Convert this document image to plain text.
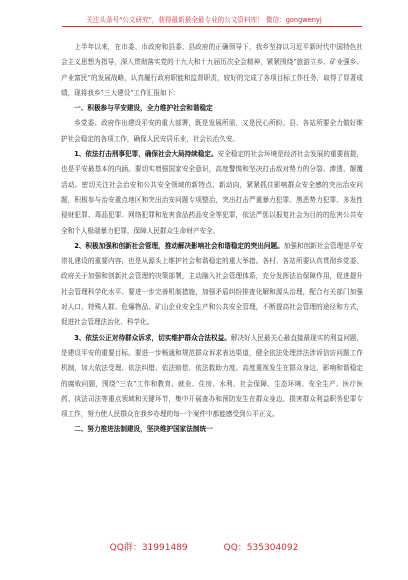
关注头条号"公文研究"，获得最新最全最专业的公文资料库！ 微信：gongwenyj

上半年以来，在市委、市政府和县委、县政府的正确领导下，我乡坚持以习近平新时代中国特色社会主义思想为指导，深入贯彻落实党的十九大和十九届历次全会精神，紧紧围绕“旅游立乡、矿业强乡、产业富民”的发展战略，认真履行政府职能和监督职责，较好的完成了各项目标工作任务，取得了显著成绩，现将我乡“三大建设”工作汇报如下：

一、积极参与平安建设，全力维护社会和谐稳定

乡党委、政府作出建设平安的重大部署，既是发展所需，又是民心所盼。县、各站所要全力做好维护社会稳定的各项工作，确保人民安居乐业，社会长治久安。

1、依法打击刑事犯罪，确保社会大局持续稳定。安全稳定的社会环境是经济社会发展的重要前提，也是平安最基本的内涵。要切实增强国家安全意识，高度警惕和坚决打击敌对势力的分裂、渗透、颠覆活动。密切关注社会治安和公共安全领域的新特点、新动向，紧紧抓住影响群众安全感的突出治安问题，积极参与治安重点地区和突出治安问题专项整治，突出打击严重暴力犯罪、黑恶势力犯罪、多发性侵财犯罪、毒品犯罪、网络犯罪和危害食品药品安全等犯罪，依法严惩以报复社会为目的的危害公共安全和个人极端暴力犯罪，保障人民群众生命财产安全。

2、积极加强和创新社会管理，推动解决影响社会和谐稳定的突出问题。加强和创新社会管理是平安崇礼建设的重要内容，也是从源头上维护社会和谐稳定的重大举措。各村、各站所要认真贯彻乡党委、政府关于加强和创新社会管理的决策部署，主动融入社会管理体系，充分发挥法治保障作用，促进提升社会管理科学化水平。要进一步完善机制措施，加强矛盾纠纷排查化解和源头治理，配合有关部门加强对人口、特殊人群、危爆物品、矿山企业安全生产和公共安全管理，不断提高社会管理的途径和方式，促进社会管理法治化、科学化。

3、依法公正对待群众诉求，切实维护群众合法权益。解决好人民最关心最直接最现实的利益问题，是建设平安的重要目标。要进一步畅通和规范群众诉求表达渠道，健全依法处理涉法涉诉信访问题工作机制，加大依法受理、依法纠错、依法赔偿、依法救助力度。高度重视发生在群众身边、影响和谐稳定的腐败问题，围绕“三农”工作和教育、就业、住房、水利、社会保障、生态环境、安全生产、医疗医药、执法司法等重点领域和关键环节，集中开展查办和预防发生在群众身边、损害群众利益职务犯罪专项工作，努力使人民群众在我乡办理的每一个案件中都能感受到公平正义。

二、努力推进法制建设，坚决维护国家法制统一

QQ群：31991489	QQ：535304092
